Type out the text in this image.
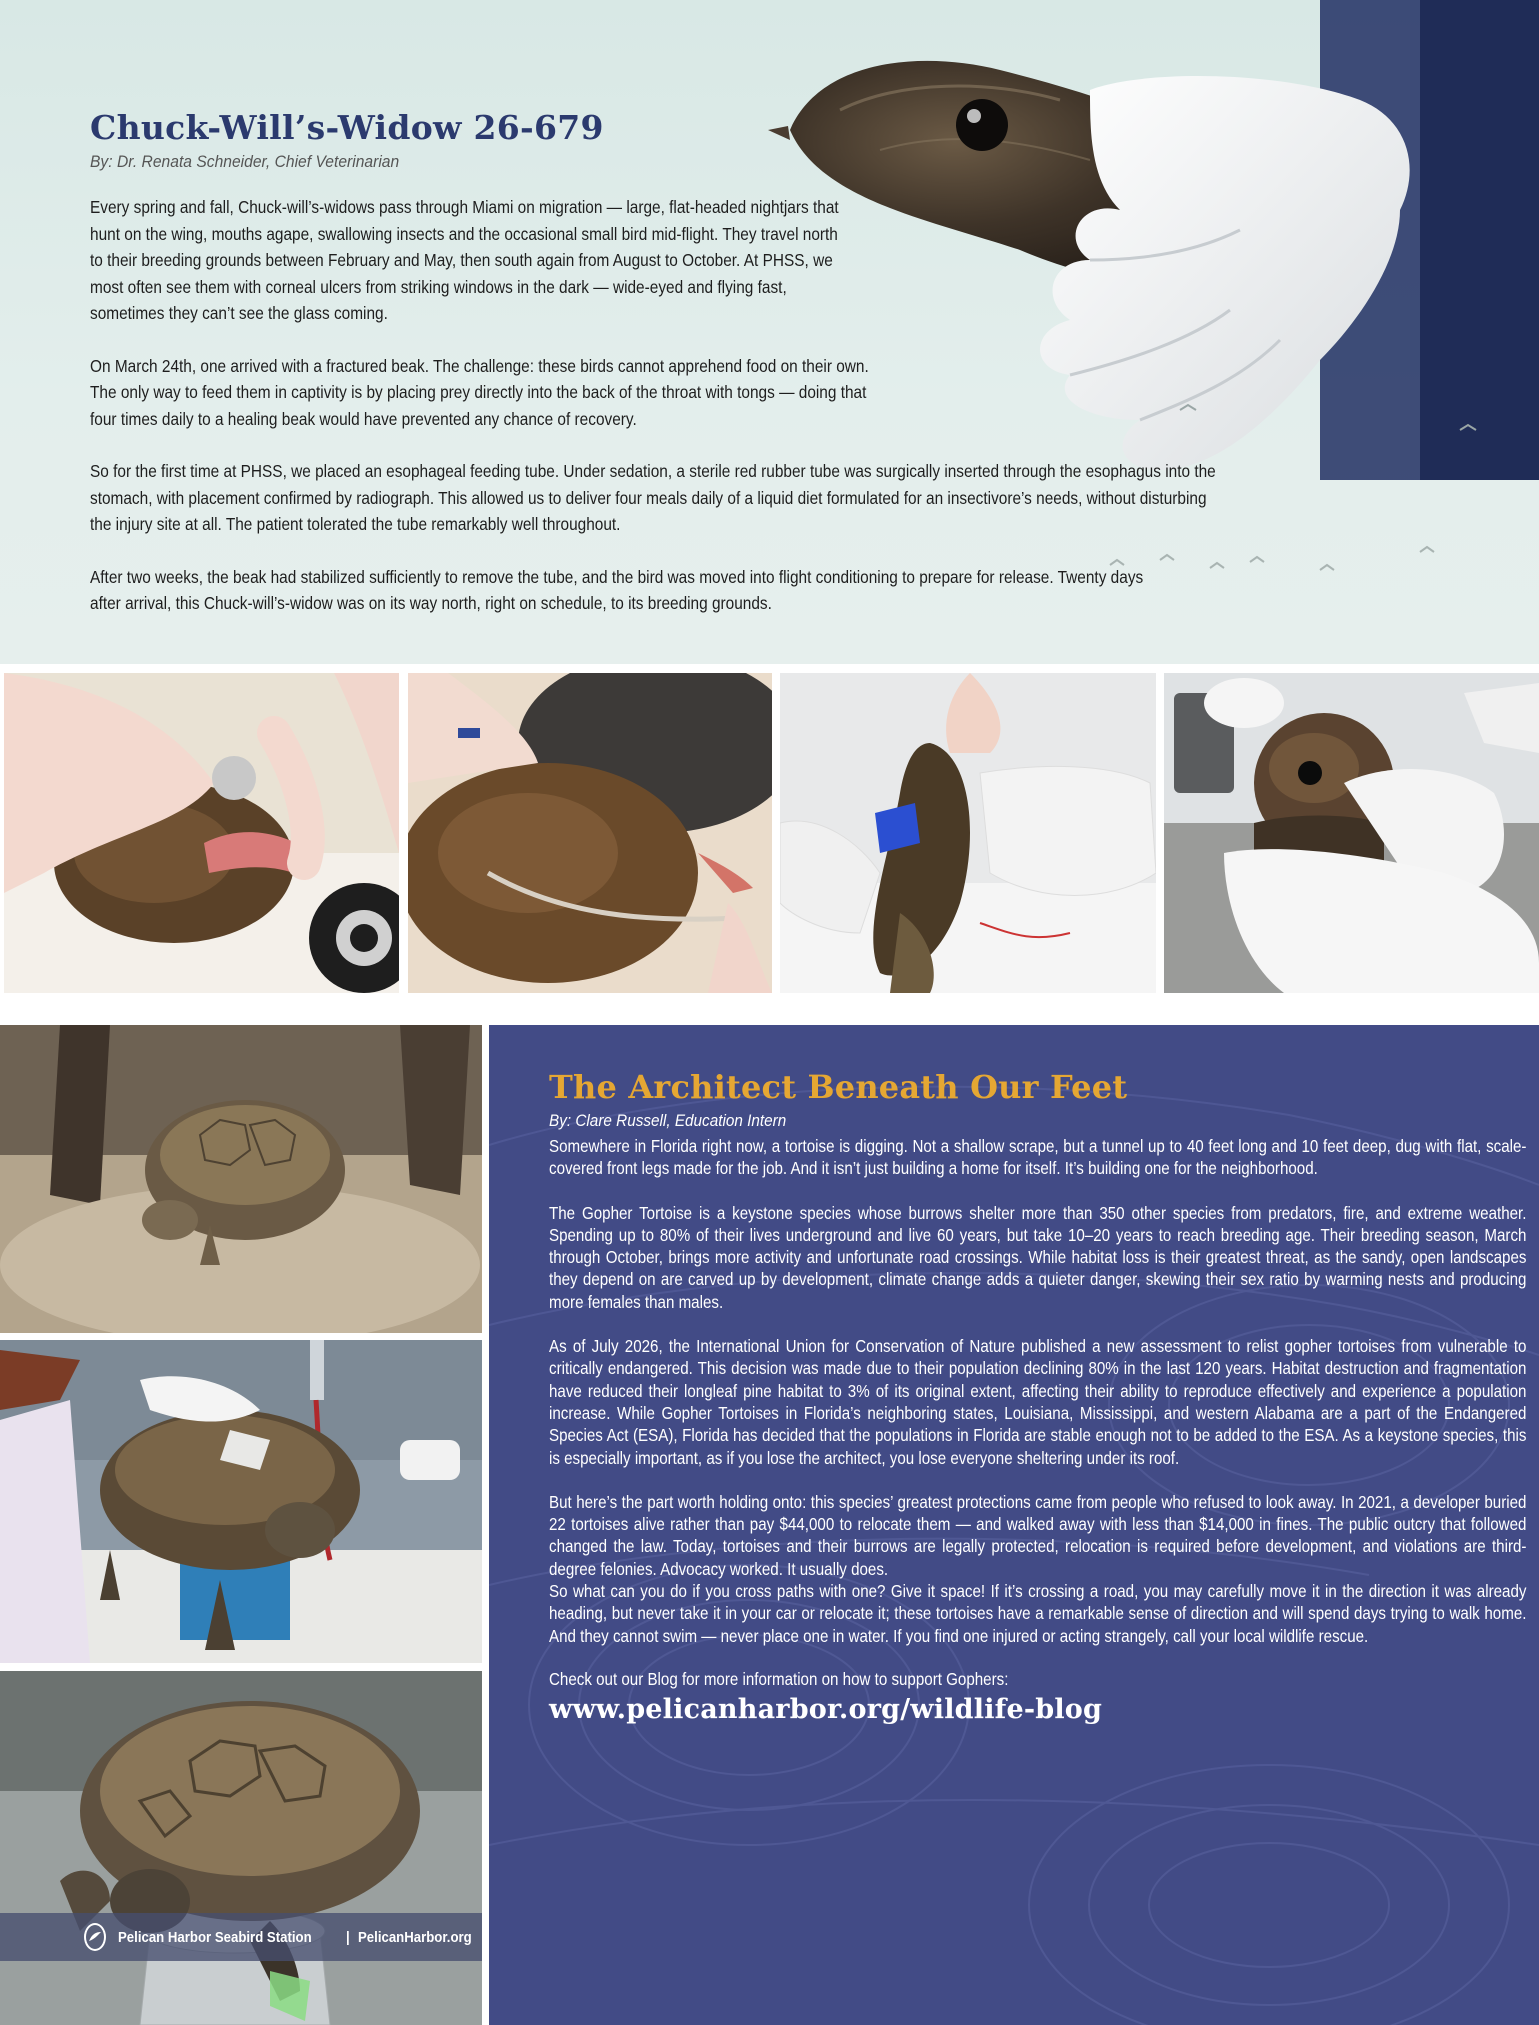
Chuck-Will’s-Widow 26-679
By: Dr. Renata Schneider, Chief Veterinarian
Every spring and fall, Chuck-will’s-widows pass through Miami on migration — large, flat-headed nightjars that hunt on the wing, mouths agape, swallowing insects and the occasional small bird mid-flight. They travel north to their breeding grounds between February and May, then south again from August to October. At PHSS, we most often see them with corneal ulcers from striking windows in the dark — wide-eyed and flying fast, sometimes they can’t see the glass coming.
On March 24th, one arrived with a fractured beak. The challenge: these birds cannot apprehend food on their own. The only way to feed them in captivity is by placing prey directly into the back of the throat with tongs — doing that four times daily to a healing beak would have prevented any chance of recovery.
So for the first time at PHSS, we placed an esophageal feeding tube. Under sedation, a sterile red rubber tube was surgically inserted through the esophagus into the stomach, with placement confirmed by radiograph. This allowed us to deliver four meals daily of a liquid diet formulated for an insectivore’s needs, without disturbing the injury site at all. The patient tolerated the tube remarkably well throughout.
After two weeks, the beak had stabilized sufficiently to remove the tube, and the bird was moved into flight conditioning to prepare for release. Twenty days after arrival, this Chuck-will’s-widow was on its way north, right on schedule, to its breeding grounds.
Pelican Harbor Seabird Station | PelicanHarbor.org
The Architect Beneath Our Feet
By: Clare Russell, Education Intern
Somewhere in Florida right now, a tortoise is digging. Not a shallow scrape, but a tunnel up to 40 feet long and 10 feet deep, dug with flat, scale-covered front legs made for the job. And it isn’t just building a home for itself. It’s building one for the neighborhood.
The Gopher Tortoise is a keystone species whose burrows shelter more than 350 other species from predators, fire, and extreme weather. Spending up to 80% of their lives underground and live 60 years, but take 10–20 years to reach breeding age. Their breeding season, March through October, brings more activity and unfortunate road crossings. While habitat loss is their greatest threat, as the sandy, open landscapes they depend on are carved up by development, climate change adds a quieter danger, skewing their sex ratio by warming nests and producing more females than males.
As of July 2026, the International Union for Conservation of Nature published a new assessment to relist gopher tortoises from vulnerable to critically endangered. This decision was made due to their population declining 80% in the last 120 years. Habitat destruction and fragmentation have reduced their longleaf pine habitat to 3% of its original extent, affecting their ability to reproduce effectively and experience a population increase. While Gopher Tortoises in Florida’s neighboring states, Louisiana, Mississippi, and western Alabama are a part of the Endangered Species Act (ESA), Florida has decided that the populations in Florida are stable enough not to be added to the ESA. As a keystone species, this is especially important, as if you lose the architect, you lose everyone sheltering under its roof.
But here’s the part worth holding onto: this species’ greatest protections came from people who refused to look away. In 2021, a developer buried 22 tortoises alive rather than pay $44,000 to relocate them — and walked away with less than $14,000 in fines. The public outcry that followed changed the law. Today, tortoises and their burrows are legally protected, relocation is required before development, and violations are third-degree felonies. Advocacy worked. It usually does.
So what can you do if you cross paths with one? Give it space! If it’s crossing a road, you may carefully move it in the direction it was already heading, but never take it in your car or relocate it; these tortoises have a remarkable sense of direction and will spend days trying to walk home. And they cannot swim — never place one in water. If you find one injured or acting strangely, call your local wildlife rescue.
Check out our Blog for more information on how to support Gophers:
www.pelicanharbor.org/wildlife-blog
